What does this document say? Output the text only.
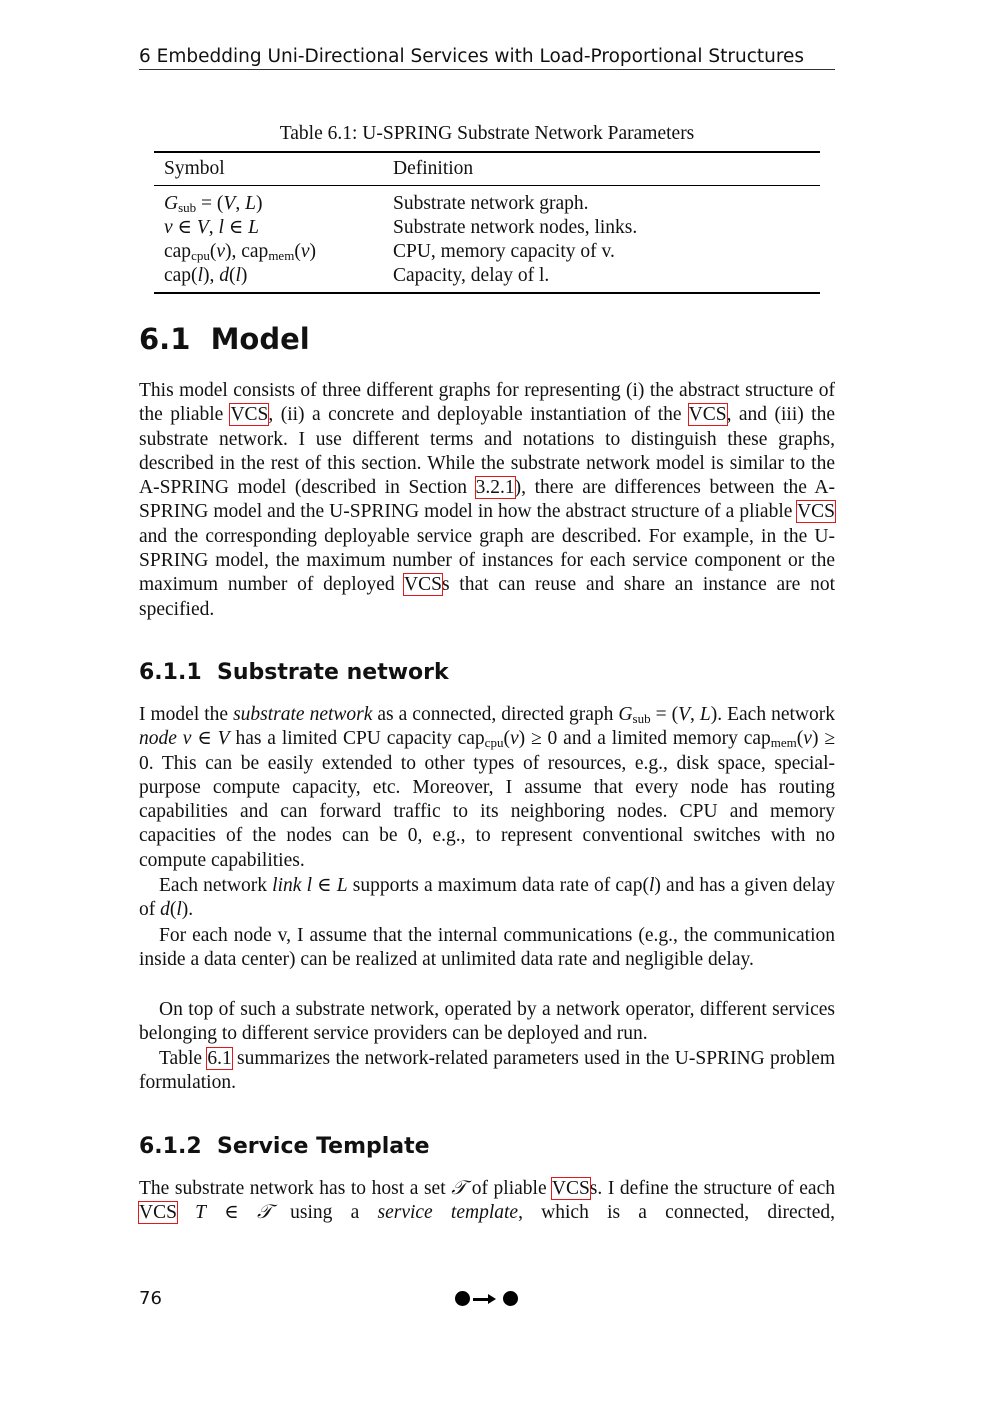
6 Embedding Uni-Directional Services with Load-Proportional Structures
Table 6.1: U-SPRING Substrate Network Parameters
Symbol	Definition
$G_{sub} = (V$, L)	Substrate network graph.
v ∈ V, l ∈ L	Substrate network nodes, links.
cap$_{cpu}$(v), cap$_{mem}$(v)	CPU, memory capacity of v.
cap(l), d(l)	Capacity, delay of l.
6.1 Model
This model consists of three different graphs for representing (i) the abstract structure of the pliable VCS, (ii) a concrete and deployable instantiation of the VCS, and (iii) the substrate network. I use different terms and notations to distinguish these graphs, described in the rest of this section. While the substrate network model is similar to the A-SPRING model (described in Section 3.2.1), there are differences between the A-SPRING model and the U-SPRING model in how the abstract structure of a pliable VCS and the corresponding deployable service graph are described. For example, in the U-SPRING model, the maximum number of instances for each service component or the maximum number of deployed VCSs that can reuse and share an instance are not specified.
6.1.1 Substrate network
I model the substrate network as a connected, directed graph $G_{sub} = (V$, L). Each network node v ∈ V has a limited CPU capacity cap$_{cpu}$(v) ≥ 0 and a limited memory cap$_{mem}$(v) ≥ 0. This can be easily extended to other types of resources, e.g., disk space, special-purpose compute capacity, etc. Moreover, I assume that every node has routing capabilities and can forward traffic to its neighboring nodes. CPU and memory capacities of the nodes can be 0, e.g., to represent conventional switches with no compute capabilities.
Each network link l ∈ L supports a maximum data rate of cap(l) and has a given delay of d(l).
For each node v, I assume that the internal communications (e.g., the communication inside a data center) can be realized at unlimited data rate and negligible delay.
On top of such a substrate network, operated by a network operator, different services belonging to different service providers can be deployed and run.
Table 6.1 summarizes the network-related parameters used in the U-SPRING problem formulation.
6.1.2 Service Template
The substrate network has to host a set 𝒯 of pliable VCSs. I define the structure of each VCS T ∈ 𝒯 using a service template, which is a connected, directed,
76
